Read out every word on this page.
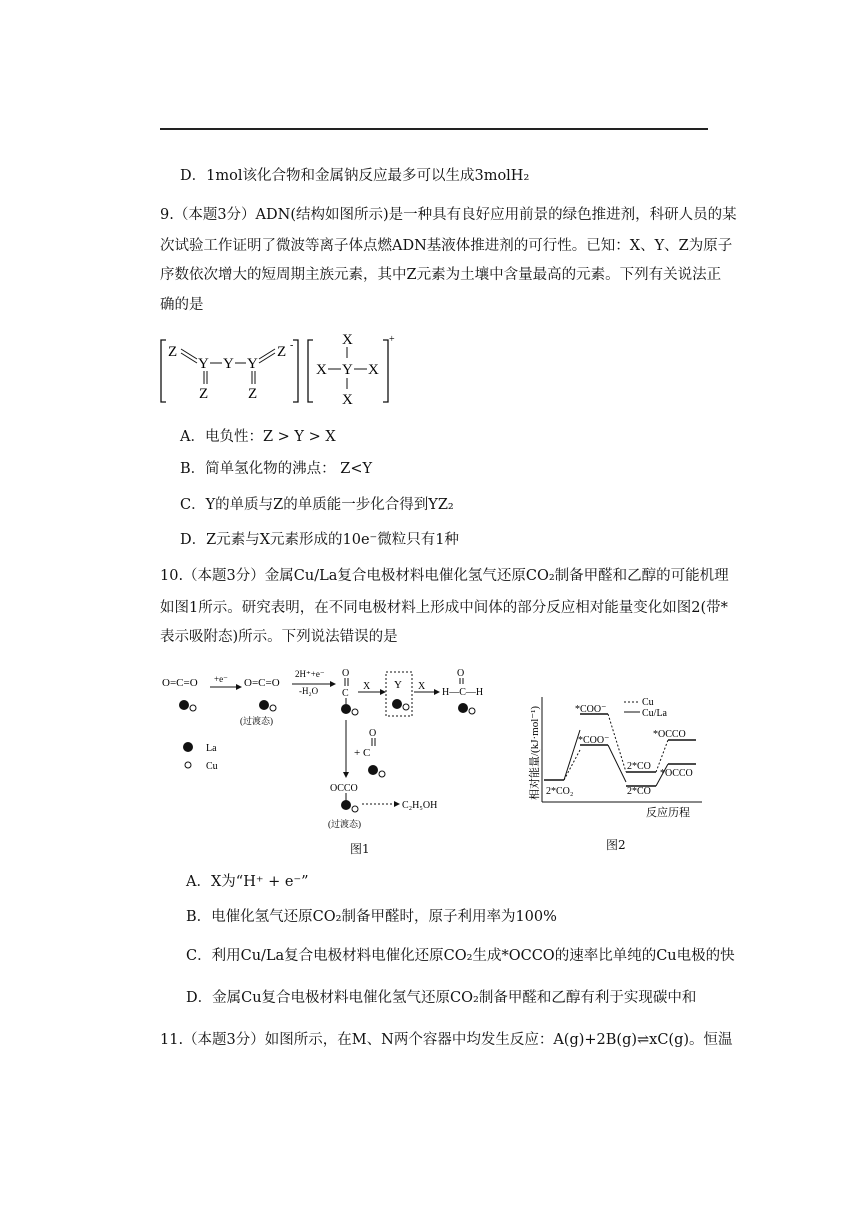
D．1mol该化合物和金属钠反应最多可以生成3molH₂
9.（本题3分）ADN(结构如图所示)是一种具有良好应用前景的绿色推进剂，科研人员的某
次试验工作证明了微波等离子体点燃ADN基液体推进剂的可行性。已知：X、Y、Z为原子
序数依次增大的短周期主族元素，其中Z元素为土壤中含量最高的元素。下列有关说法正
确的是
Z
Y Y Y
Z -
Z	Z
X
X Y X
X
+
A．电负性：Z > Y > X
B．简单氢化物的沸点： Z<Y
C．Y的单质与Z的单质能一步化合得到YZ₂
D．Z元素与X元素形成的10e⁻微粒只有1种
10.（本题3分）金属Cu/La复合电极材料电催化氢气还原CO₂制备甲醛和乙醇的可能机理
如图1所示。研究表明，在不同电极材料上形成中间体的部分反应相对能量变化如图2(带*
表示吸附态)所示。下列说法错误的是
O=C=O +e⁻ O=C=O
(过渡态)
2H⁺+e⁻
-H₂O
O
C
X Y X
O
H—C—H
+ C
O
OCCO
C₂H₅OH
(过渡态)
La
Cu
图1
相对能量/(kJ·mol⁻¹)
Cu
Cu/La
2*CO₂
*COO⁻
*COO⁻
2*CO
2*CO
*OCCO
*OCCO
反应历程
图2
A．X为“H⁺ + e⁻”
B．电催化氢气还原CO₂制备甲醛时，原子利用率为100%
C．利用Cu/La复合电极材料电催化还原CO₂生成*OCCO的速率比单纯的Cu电极的快
D．金属Cu复合电极材料电催化氢气还原CO₂制备甲醛和乙醇有利于实现碳中和
11.（本题3分）如图所示，在M、N两个容器中均发生反应：A(g)+2B(g)⇌xC(g)。恒温
